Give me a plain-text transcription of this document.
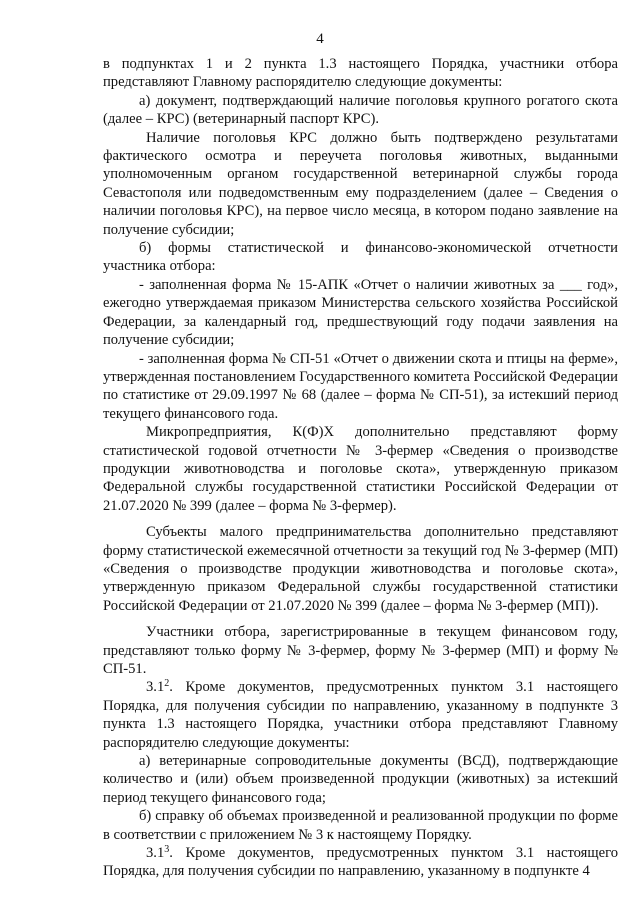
4

в подпунктах 1 и 2 пункта 1.3 настоящего Порядка, участники отбора представляют Главному распорядителю следующие документы:

а) документ, подтверждающий наличие поголовья крупного рогатого скота (далее – КРС) (ветеринарный паспорт КРС).

Наличие поголовья КРС должно быть подтверждено результатами фактического осмотра и переучета поголовья животных, выданными уполномоченным органом государственной ветеринарной службы города Севастополя или подведомственным ему подразделением (далее – Сведения о наличии поголовья КРС), на первое число месяца, в котором подано заявление на получение субсидии;

б) формы статистической и финансово-экономической отчетности участника отбора:

- заполненная форма № 15-АПК «Отчет о наличии животных за ___ год», ежегодно утверждаемая приказом Министерства сельского хозяйства Российской Федерации, за календарный год, предшествующий году подачи заявления на получение субсидии;

- заполненная форма № СП-51 «Отчет о движении скота и птицы на ферме», утвержденная постановлением Государственного комитета Российской Федерации по статистике от 29.09.1997 № 68 (далее – форма № СП-51), за истекший период текущего финансового года.

Микропредприятия, К(Ф)Х дополнительно представляют форму статистической годовой отчетности № 3-фермер «Сведения о производстве продукции животноводства и поголовье скота», утвержденную приказом Федеральной службы государственной статистики Российской Федерации от 21.07.2020 № 399 (далее – форма № 3-фермер).

Субъекты малого предпринимательства дополнительно представляют форму статистической ежемесячной отчетности за текущий год № 3-фермер (МП) «Сведения о производстве продукции животноводства и поголовье скота», утвержденную приказом Федеральной службы государственной статистики Российской Федерации от 21.07.2020 № 399 (далее – форма № 3-фермер (МП)).

Участники отбора, зарегистрированные в текущем финансовом году, представляют только форму № 3-фермер, форму № 3-фермер (МП) и форму № СП-51.

$3.1^2$. Кроме документов, предусмотренных пунктом 3.1 настоящего Порядка, для получения субсидии по направлению, указанному в подпункте 3 пункта 1.3 настоящего Порядка, участники отбора представляют Главному распорядителю следующие документы:

а) ветеринарные сопроводительные документы (ВСД), подтверждающие количество и (или) объем произведенной продукции (животных) за истекший период текущего финансового года;

б) справку об объемах произведенной и реализованной продукции по форме в соответствии с приложением № 3 к настоящему Порядку.

$3.1^3$. Кроме документов, предусмотренных пунктом 3.1 настоящего Порядка, для получения субсидии по направлению, указанному в подпункте 4
